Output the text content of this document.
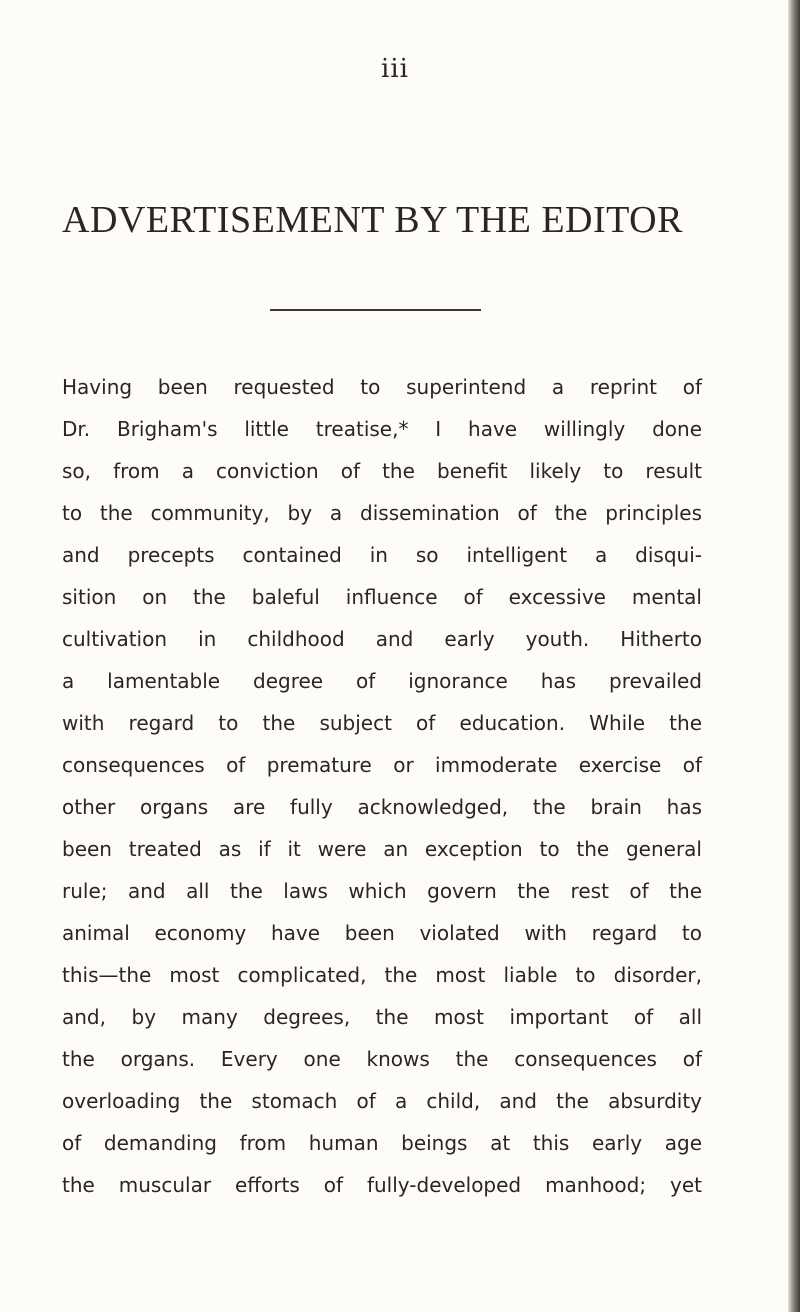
iii
ADVERTISEMENT BY THE EDITOR
Having been requested to superintend a reprint of
Dr. Brigham's little treatise,* I have willingly done
so, from a conviction of the benefit likely to result
to the community, by a dissemination of the principles
and precepts contained in so intelligent a disqui-
sition on the baleful influence of excessive mental
cultivation in childhood and early youth. Hitherto
a lamentable degree of ignorance has prevailed
with regard to the subject of education. While the
consequences of premature or immoderate exercise of
other organs are fully acknowledged, the brain has
been treated as if it were an exception to the general
rule; and all the laws which govern the rest of the
animal economy have been violated with regard to
this—the most complicated, the most liable to disorder,
and, by many degrees, the most important of all
the organs. Every one knows the consequences of
overloading the stomach of a child, and the absurdity
of demanding from human beings at this early age
the muscular efforts of fully-developed manhood; yet
